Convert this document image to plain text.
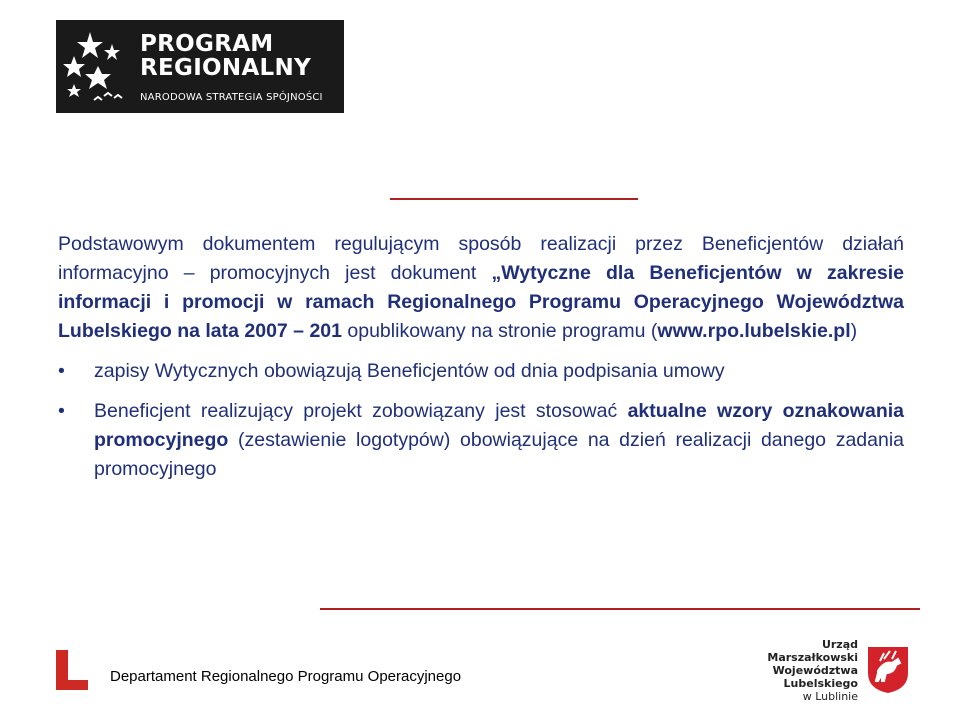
PROGRAM
REGIONALNY
NARODOWA STRATEGIA SPÓJNOŚCI

Podstawowym dokumentem regulującym sposób realizacji przez Beneficjentów działań informacyjno – promocyjnych jest dokument „Wytyczne dla Beneficjentów w zakresie informacji i promocji w ramach Regionalnego Programu Operacyjnego Województwa Lubelskiego na lata 2007 – 201 opublikowany na stronie programu (www.rpo.lubelskie.pl)

• zapisy Wytycznych obowiązują Beneficjentów od dnia podpisania umowy
• Beneficjent realizujący projekt zobowiązany jest stosować aktualne wzory oznakowania promocyjnego (zestawienie logotypów) obowiązujące na dzień realizacji danego zadania promocyjnego
Departament Regionalnego Programu Operacyjnego
Urząd Marszałkowski
Województwa Lubelskiego
w Lublinie
